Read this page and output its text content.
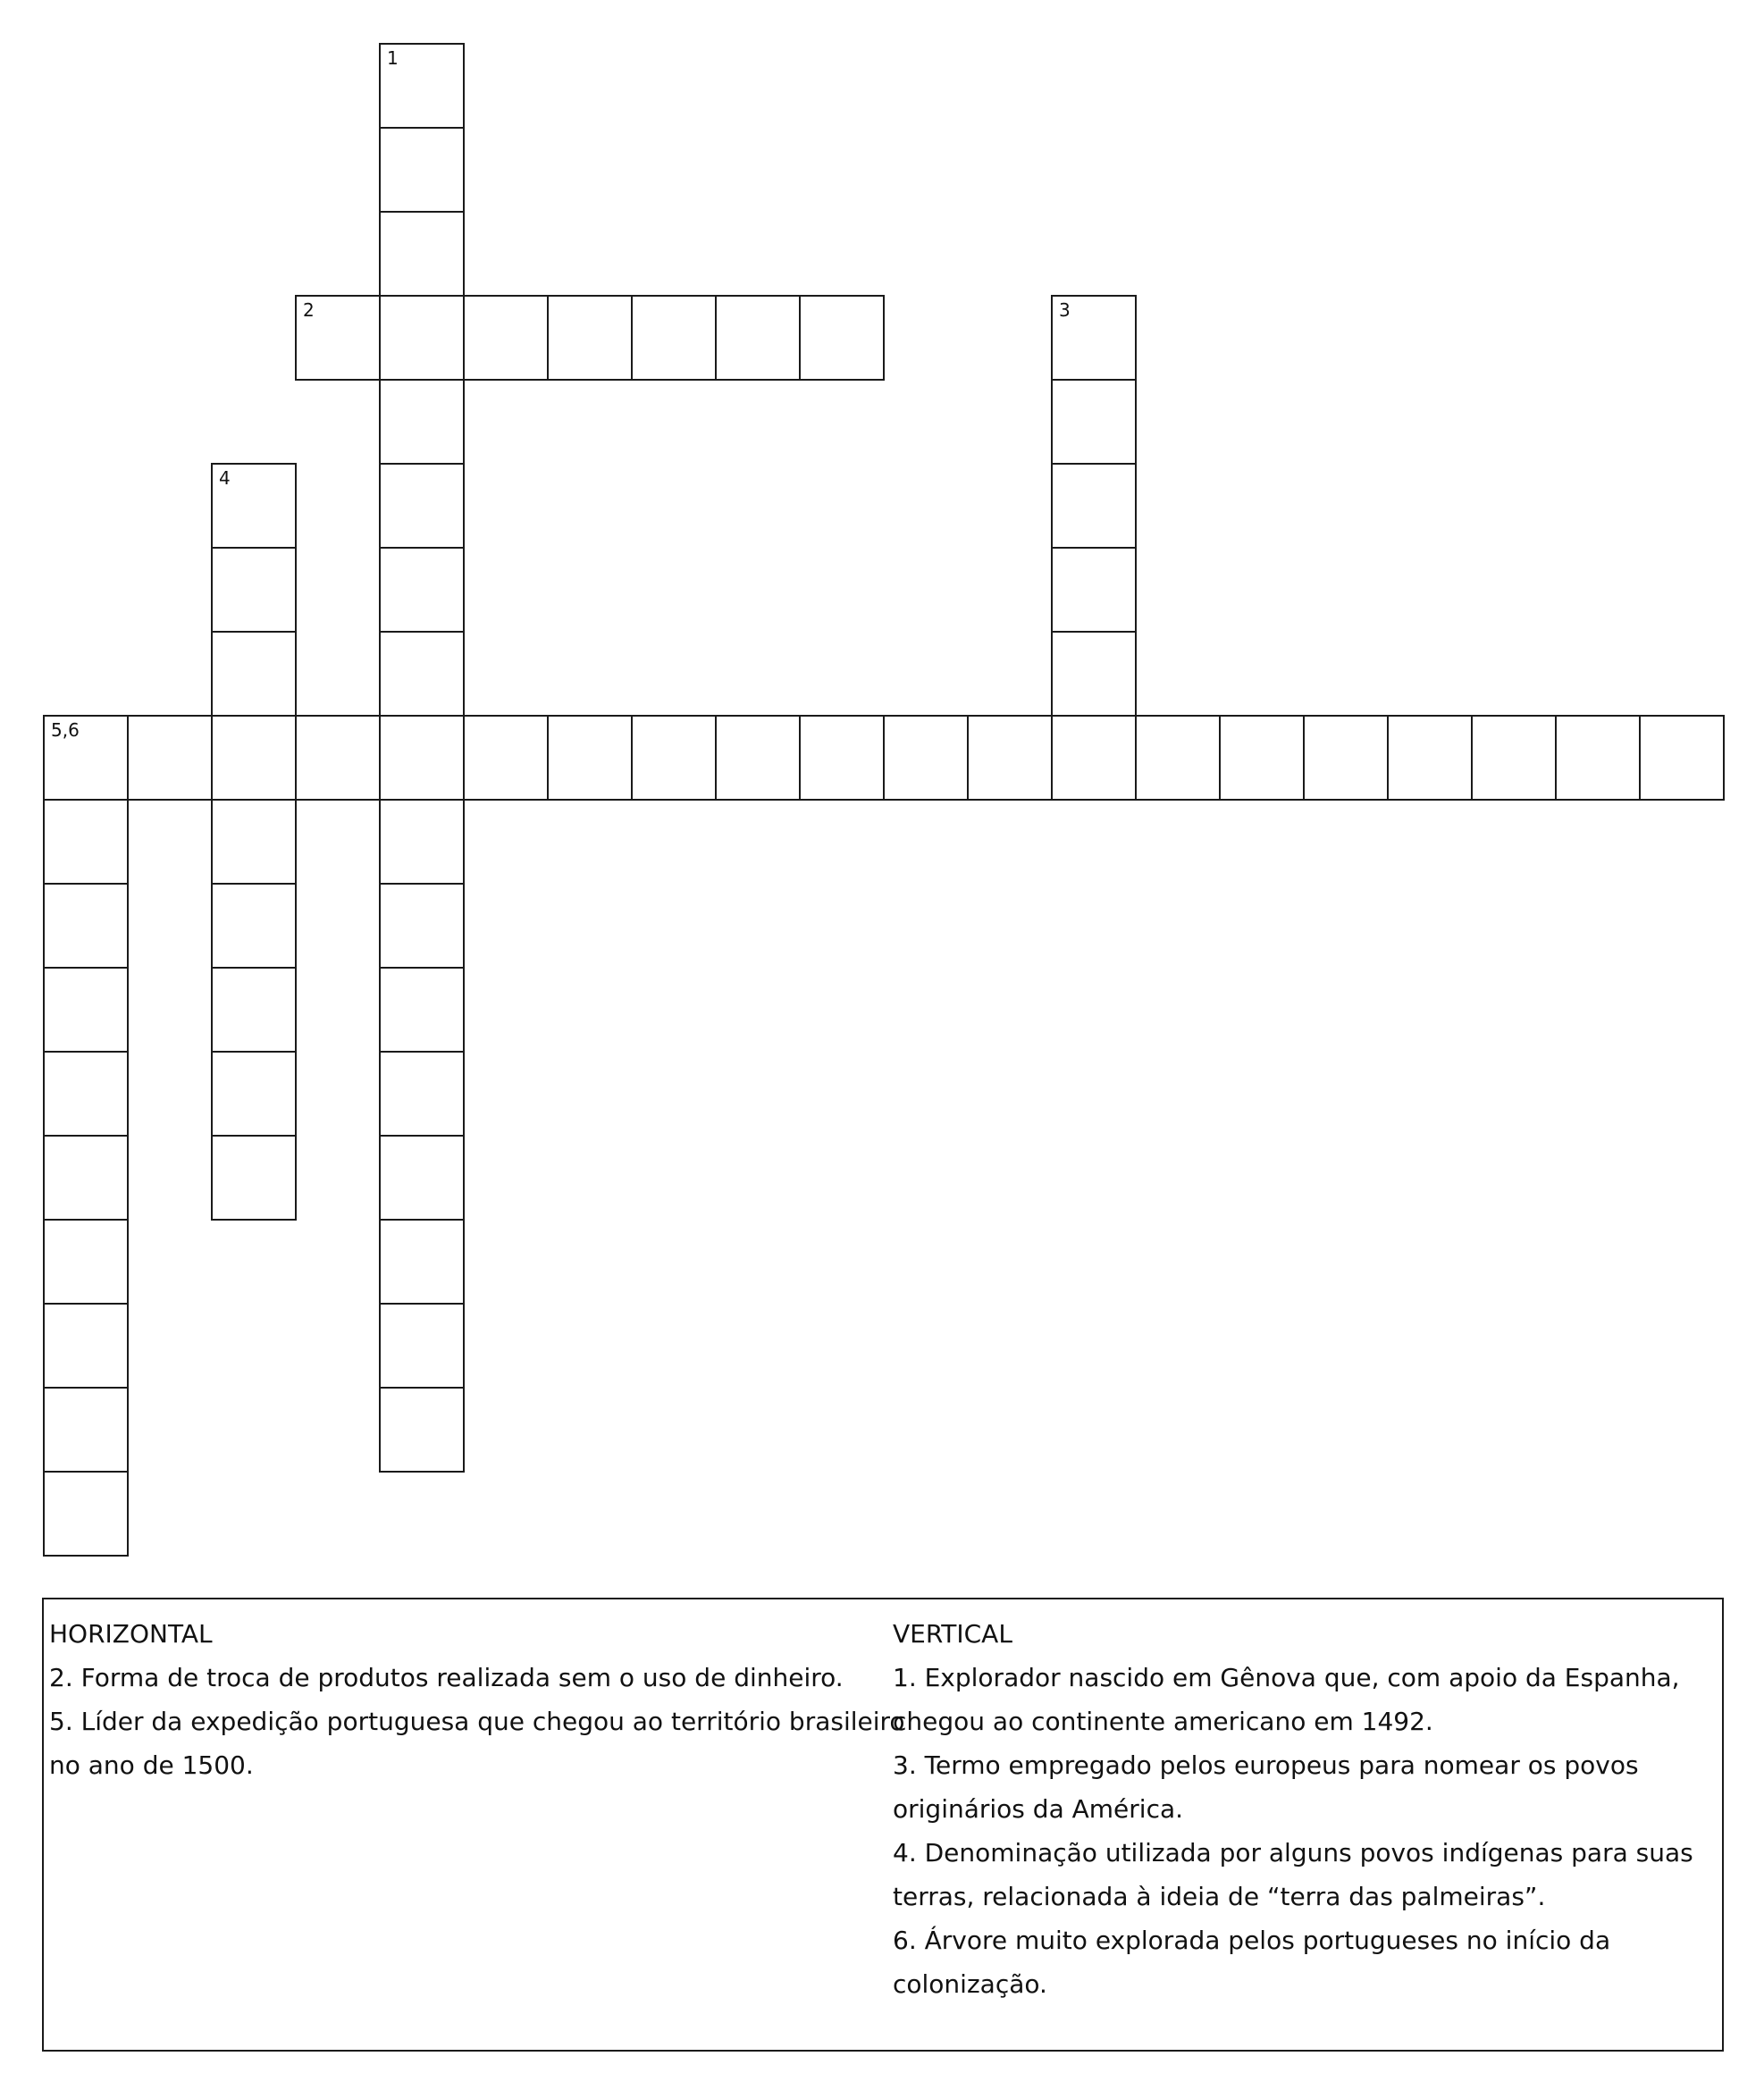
1
2	3
4
5,6
HORIZONTAL
2. Forma de troca de produtos realizada sem o uso de dinheiro.
5. Líder da expedição portuguesa que chegou ao território brasileiro
no ano de 1500.
VERTICAL
1. Explorador nascido em Gênova que, com apoio da Espanha,
chegou ao continente americano em 1492.
3. Termo empregado pelos europeus para nomear os povos
originários da América.
4. Denominação utilizada por alguns povos indígenas para suas
terras, relacionada à ideia de “terra das palmeiras”.
6. Árvore muito explorada pelos portugueses no início da
colonização.
